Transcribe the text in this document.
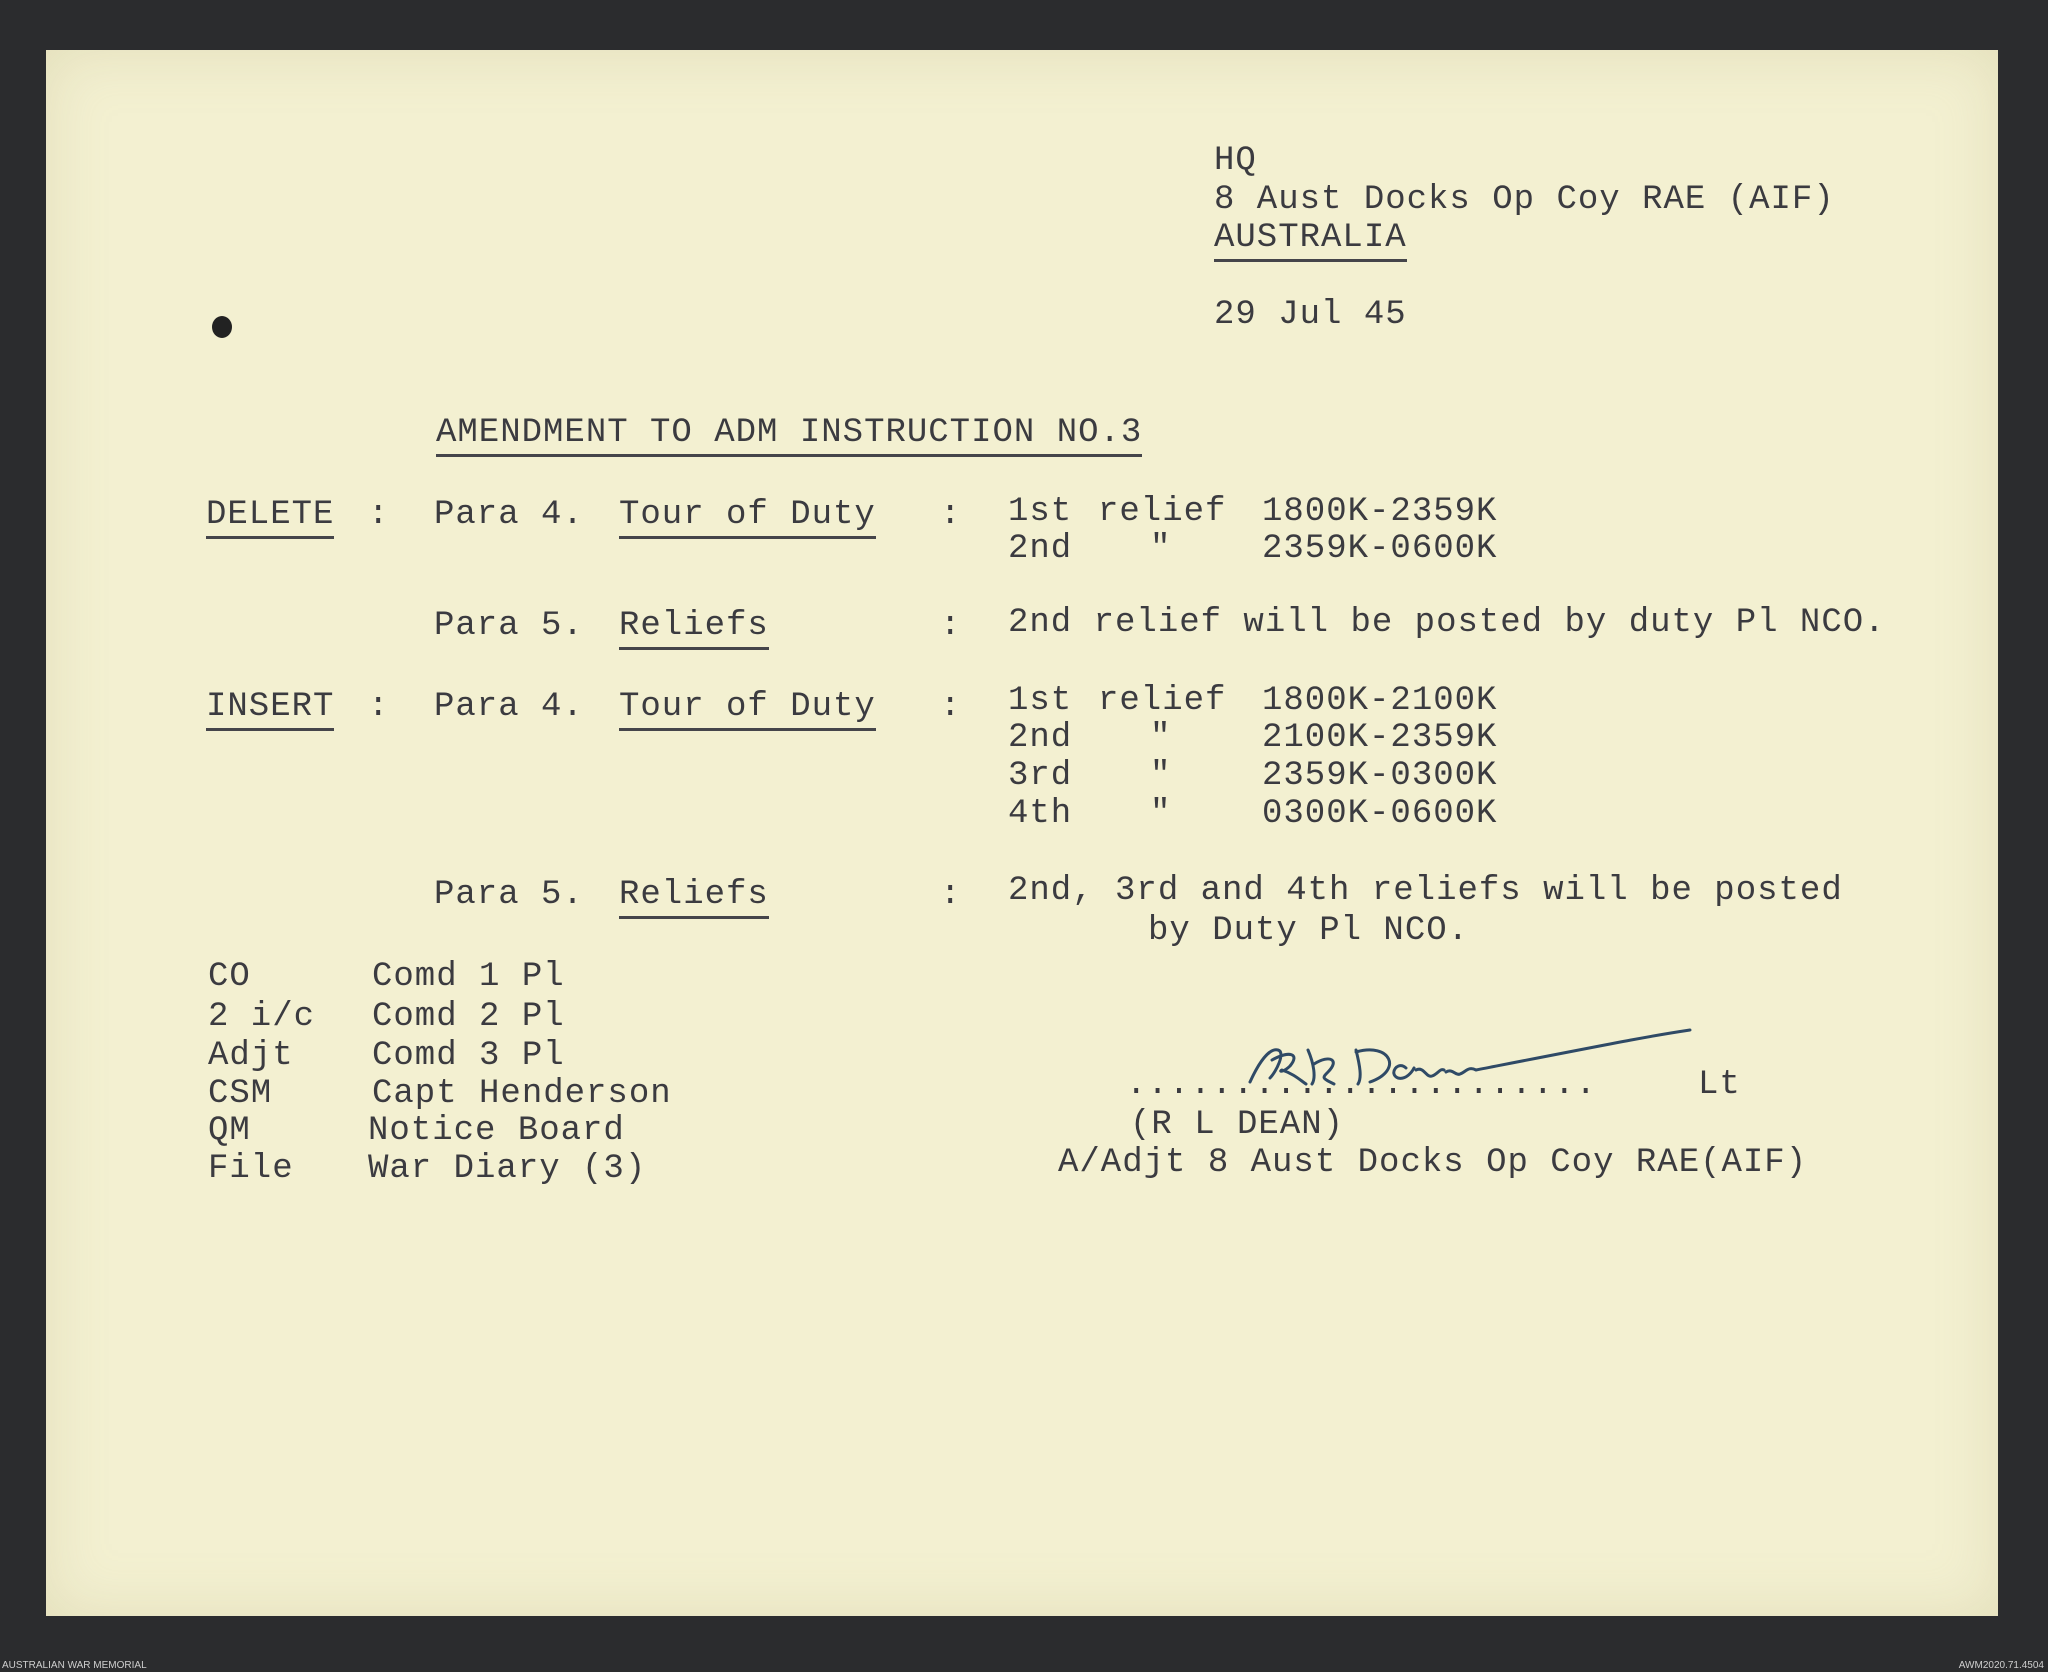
HQ
8 Aust Docks Op Coy RAE (AIF)
AUSTRALIA
29 Jul 45
AMENDMENT TO ADM INSTRUCTION NO.3
DELETE : Para 4. Tour of Duty : 1st relief 1800K-2359K
2nd "	2359K-0600K
Para 5. Reliefs	: 2nd relief will be posted by duty Pl NCO.
INSERT : Para 4. Tour of Duty : 1st relief 1800K-2100K
2nd "	2100K-2359K
3rd "	2359K-0300K
4th "	0300K-0600K
Para 5. Reliefs	: 2nd, 3rd and 4th reliefs will be posted
by Duty Pl NCO.
CO	Comd 1 Pl
2 i/c Comd 2 Pl
Adjt Comd 3 Pl
CSM	Capt Henderson
QM	Notice Board
File War Diary (3)
......................	Lt
(R L DEAN)
A/Adjt 8 Aust Docks Op Coy RAE(AIF)
AUSTRALIAN WAR MEMORIAL	AWM2020.71.4504
